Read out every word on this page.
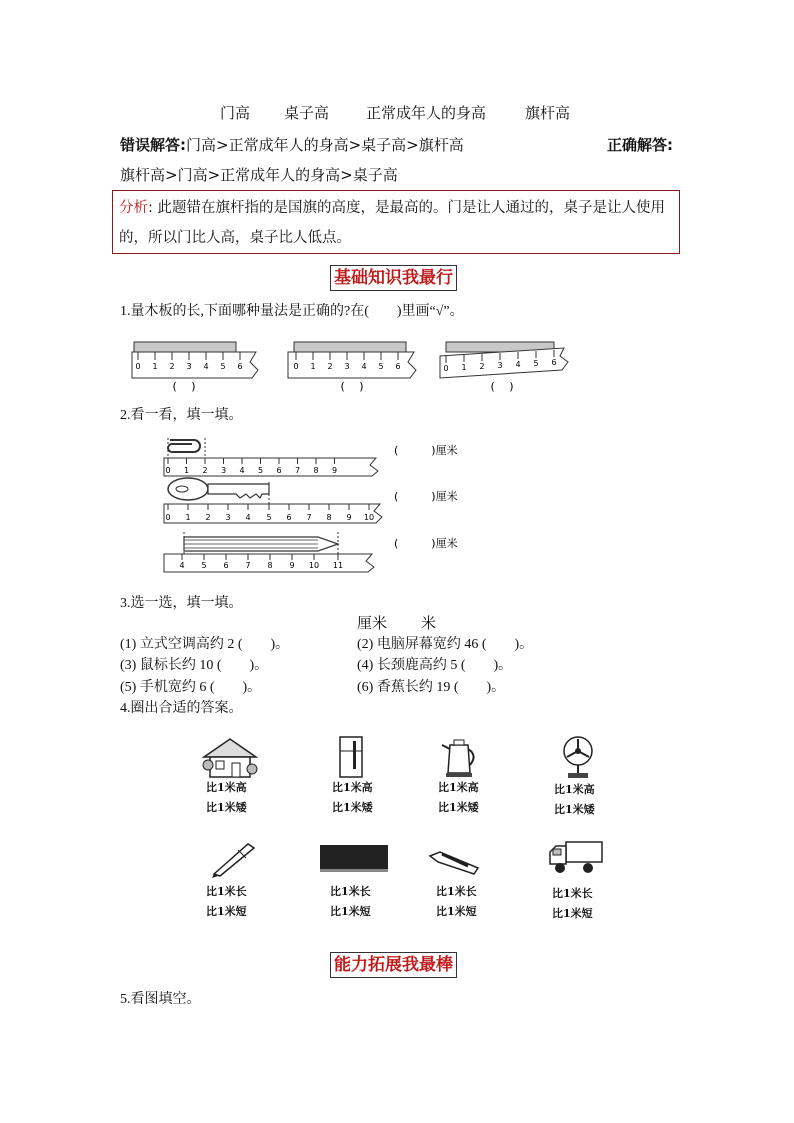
门高 桌子高 正常成年人的身高	旗杆高
错误解答:门高>正常成年人的身高>桌子高>旗杆高	正确解答:
旗杆高>门高>正常成年人的身高>桌子高
分析: 此题错在旗杆指的是国旗的高度，是最高的。门是让人通过的，桌子是让人使用的，所以门比人高，桌子比人低点。
基础知识我最行
1.量木板的长,下面哪种量法是正确的?在(　　)里画“√”。
0 1 2 3 4 5 6	0 1 2 3 4 5 6	0 1 2 3 4 5 6
(　 )	(　 )	(　 )
2.看一看，填一填。
0 1 2 3 4 5 6 7 8 9
(　　　)厘米
0 1 2 3 4 5 6 7 8 9 10
(　　　)厘米
4 5 6 7 8 9 10 11
(　　　)厘米
3.选一选，填一填。
厘米 米
(1) 立式空调高约 2 (　　)。	(2) 电脑屏幕宽约 46 (　　)。
(3) 鼠标长约 10 (　　)。	(4) 长颈鹿高约 5 (　　)。
(5) 手机宽约 6 (　　)。	(6) 香蕉长约 19 (　　)。
4.圈出合适的答案。
比1米高
比1米矮
比1米高
比1米矮
比1米高
比1米矮
比1米高
比1米矮
比1米长
比1米短
比1米长
比1米短
比1米长
比1米短
比1米长
比1米短
能力拓展我最棒
5.看图填空。
